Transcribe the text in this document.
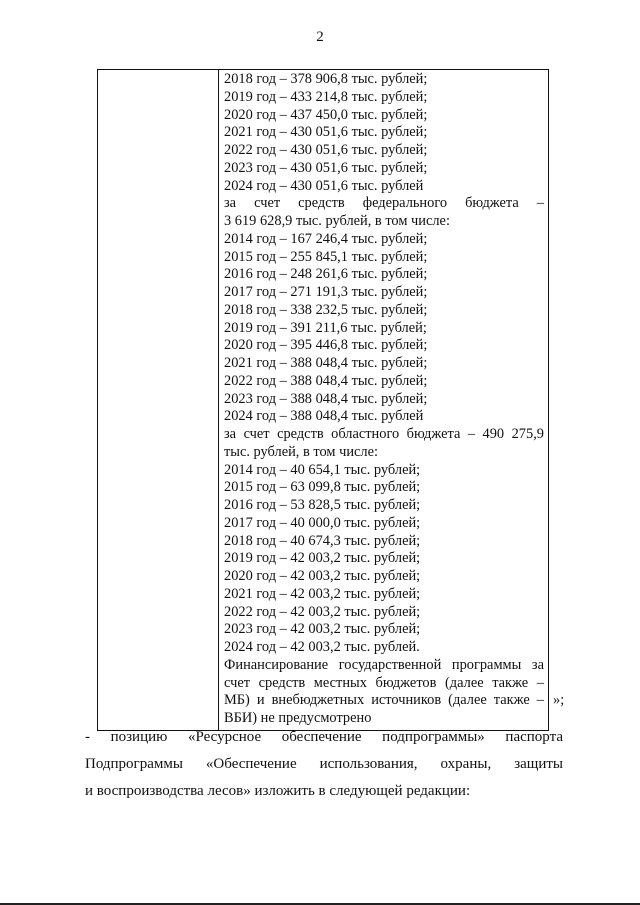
2

2018 год – 378 906,8 тыс. рублей;
2019 год – 433 214,8 тыс. рублей;
2020 год – 437 450,0 тыс. рублей;
2021 год – 430 051,6 тыс. рублей;
2022 год – 430 051,6 тыс. рублей;
2023 год – 430 051,6 тыс. рублей;
2024 год – 430 051,6 тыс. рублей
за счет средств федерального бюджета –
3 619 628,9 тыс. рублей, в том числе:
2014 год – 167 246,4 тыс. рублей;
2015 год – 255 845,1 тыс. рублей;
2016 год – 248 261,6 тыс. рублей;
2017 год – 271 191,3 тыс. рублей;
2018 год – 338 232,5 тыс. рублей;
2019 год – 391 211,6 тыс. рублей;
2020 год – 395 446,8 тыс. рублей;
2021 год – 388 048,4 тыс. рублей;
2022 год – 388 048,4 тыс. рублей;
2023 год – 388 048,4 тыс. рублей;
2024 год – 388 048,4 тыс. рублей
за счет средств областного бюджета – 490 275,9
тыс. рублей, в том числе:
2014 год – 40 654,1 тыс. рублей;
2015 год – 63 099,8 тыс. рублей;
2016 год – 53 828,5 тыс. рублей;
2017 год – 40 000,0 тыс. рублей;
2018 год – 40 674,3 тыс. рублей;
2019 год – 42 003,2 тыс. рублей;
2020 год – 42 003,2 тыс. рублей;
2021 год – 42 003,2 тыс. рублей;
2022 год – 42 003,2 тыс. рублей;
2023 год – 42 003,2 тыс. рублей;
2024 год – 42 003,2 тыс. рублей.
Финансирование государственной программы за
счет средств местных бюджетов (далее также –
МБ) и внебюджетных источников (далее также –
ВБИ) не предусмотрено
»;
- позицию «Ресурсное обеспечение подпрограммы» паспорта
Подпрограммы «Обеспечение использования, охраны, защиты
и воспроизводства лесов» изложить в следующей редакции:
